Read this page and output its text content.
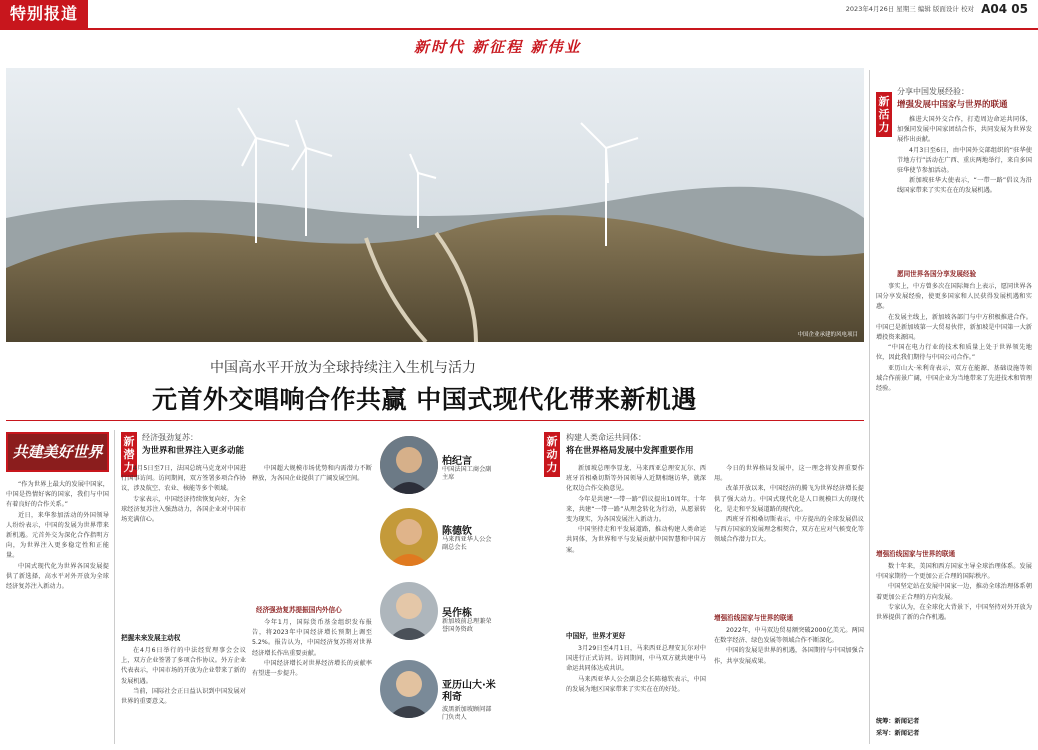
特别报道	2023年4月26日 星期三 编辑 版面设计 校对 A04 05
新时代 新征程 新伟业
中国企业承建的风电项目
新活力
分享中国发展经验：
增强发展中国家与世界的联通

推进大国外交合作，打造周边命运共同体，加强同发展中国家团结合作，共同发展为世界发展作出贡献。

4月3日至6日，由中国外交部组织的“驻华使节地方行”活动在广西、重庆两地举行，来自多国驻华使节参加活动。

新加坡驻华大使表示，“一带一路”倡议为沿线国家带来了实实在在的发展机遇。

愿同世界各国分享发展经验

事实上，中方曾多次在国际舞台上表示，愿同世界各国分享发展经验，使更多国家和人民获得发展机遇和实惠。

在发展主线上，新加坡各部门与中方积极推进合作。中国已是新加坡第一大贸易伙伴，新加坡是中国第一大新增投资来源国。

“中国在电力行业的技术和质量上处于世界领先地位，因此我们期待与中国公司合作。”

亚历山大·米利奇表示，双方在能源、基础设施等领域合作前景广阔，中国企业为当地带来了先进技术和管理经验。

增强沿线国家与世界的联通

数十年来，美国和西方国家主导全球治理体系。发展中国家期待一个更加公正合理的国际秩序。

中国坚定站在发展中国家一边，推动全球治理体系朝着更加公正合理的方向发展。

专家认为，在全球化大背景下，中国坚持对外开放为世界提供了新的合作机遇。

统筹：新闻记者
采写：新闻记者
中国高水平开放为全球持续注入生机与活力
元首外交唱响合作共赢 中国式现代化带来新机遇
共建美好世界

“作为世界上最大的发展中国家，中国是热情好客的国家，我们与中国有着良好的合作关系。”

近日，来华参加活动的外国领导人纷纷表示，中国的发展为世界带来新机遇。元首外交为深化合作指明方向，为世界注入更多稳定性和正能量。

中国式现代化为世界各国发展提供了新选择，高水平对外开放为全球经济复苏注入新动力。

新潜力
经济强劲复苏：
为世界和世界注入更多动能

4月5日至7日，法国总统马克龙对中国进行国事访问。访问期间，双方签署多项合作协议，涉及航空、农业、核能等多个领域。

专家表示，中国经济持续恢复向好，为全球经济复苏注入强劲动力，各国企业对中国市场充满信心。

中国超大规模市场优势和内需潜力不断释放，为各国企业提供了广阔发展空间。

把握未来发展主动权

在4月6日举行的中法经贸理事会会议上，双方企业签署了多项合作协议。外方企业代表表示，中国市场的开放为企业带来了新的发展机遇。

当前，国际社会正日益认识到中国发展对世界的重要意义。

经济强劲复苏提振国内外信心

今年1月，国际货币基金组织发布报告，将2023年中国经济增长预期上调至5.2%。报告认为，中国经济复苏将对世界经济增长作出重要贡献。

中国经济增长对世界经济增长的贡献率有望进一步提升。

柏纪言
中国法国工商会副主席
陈德钦
马来西亚华人公会副总会长
吴作栋
新加坡前总理兼荣誉国务资政
亚历山大·米利奇
波黑新加坡顾问部门负责人
新动力
构建人类命运共同体：
将在世界格局发展中发挥重要作用

新加坡总理李显龙、马来西亚总理安瓦尔、西班牙首相桑切斯等外国领导人近期相继访华，就深化双边合作交换意见。

今年是共建“一带一路”倡议提出10周年。十年来，共建“一带一路”从理念转化为行动，从愿景转变为现实，为各国发展注入新动力。

中国坚持走和平发展道路，推动构建人类命运共同体，为世界和平与发展贡献中国智慧和中国方案。

中国好，世界才更好

3月29日至4月1日，马来西亚总理安瓦尔对中国进行正式访问。访问期间，中马双方就共建中马命运共同体达成共识。

马来西亚华人公会副总会长陈德钦表示，中国的发展为地区国家带来了实实在在的好处。

今日的世界格局发展中，这一理念将发挥重要作用。

改革开放以来，中国经济的腾飞为世界经济增长提供了强大动力。中国式现代化是人口规模巨大的现代化，是走和平发展道路的现代化。

西班牙首相桑切斯表示，中方提出的全球发展倡议与西方国家的发展理念相契合，双方在应对气候变化等领域合作潜力巨大。

增强沿线国家与世界的联通

2022年，中马双边贸易额突破2000亿美元。两国在数字经济、绿色发展等领域合作不断深化。

中国的发展是世界的机遇，各国期待与中国加强合作，共享发展成果。
